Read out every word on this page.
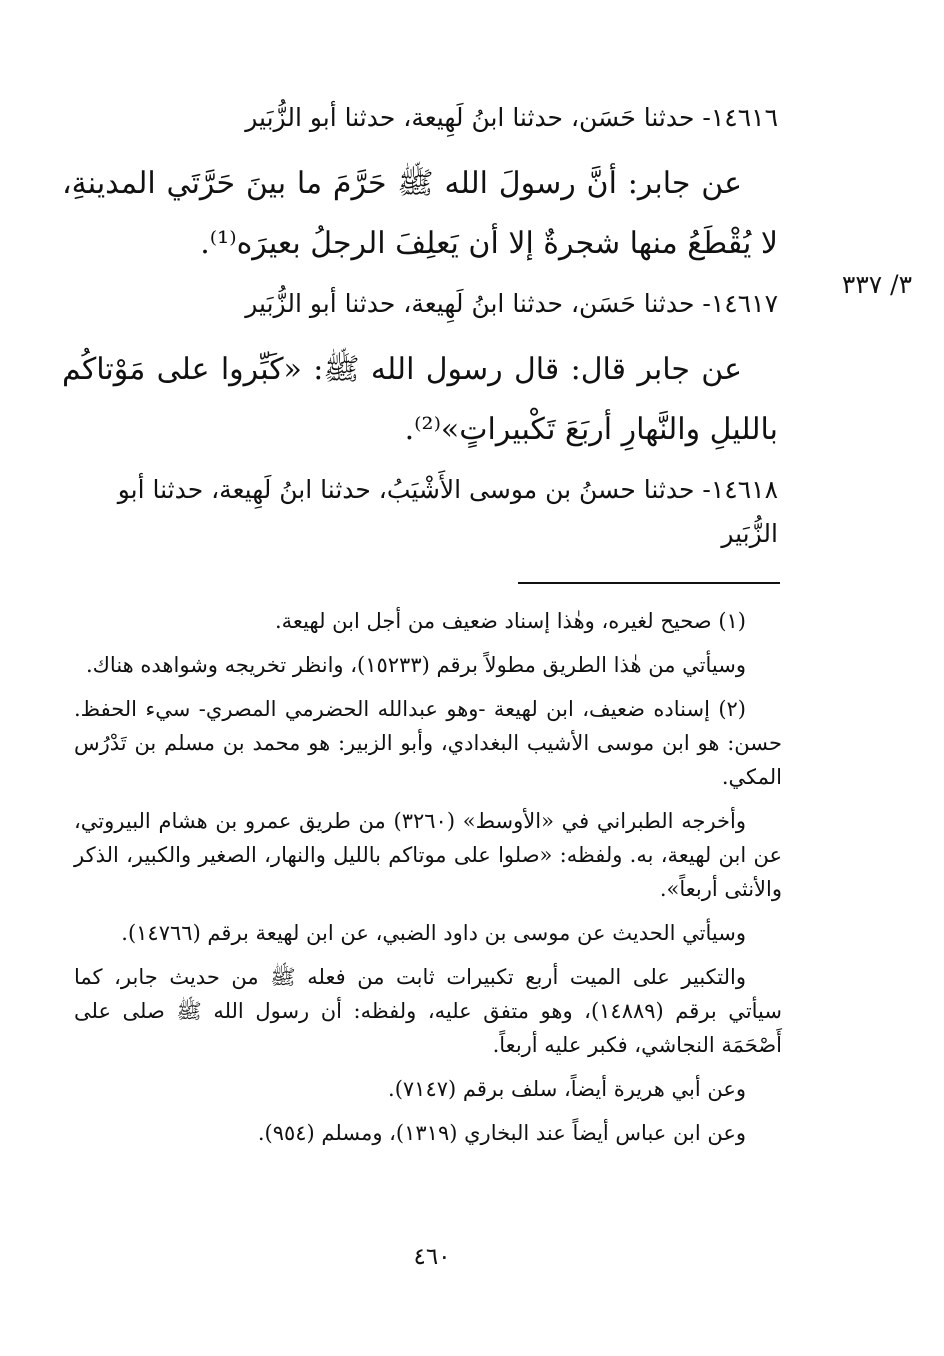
٣/ ٣٣٧

١٤٦١٦- حدثنا حَسَن، حدثنا ابنُ لَهِيعة، حدثنا أبو الزُّبَير

عن جابر: أنَّ رسولَ الله ﷺ حَرَّمَ ما بينَ حَرَّتَي المدينةِ، لا يُقْطَعُ منها شجرةٌ إلا أن يَعلِفَ الرجلُ بعيرَه⁽¹⁾.

١٤٦١٧- حدثنا حَسَن، حدثنا ابنُ لَهِيعة، حدثنا أبو الزُّبَير

عن جابر قال: قال رسول الله ﷺ: «كَبِّروا على مَوْتاكُم بالليلِ والنَّهارِ أربَعَ تَكْبيراتٍ»⁽²⁾.

١٤٦١٨- حدثنا حسنُ بن موسى الأَشْيَبُ، حدثنا ابنُ لَهِيعة، حدثنا أبو الزُّبَير

(١) صحيح لغيره، وهٰذا إسناد ضعيف من أجل ابن لهيعة.

وسيأتي من هٰذا الطريق مطولاً برقم (١٥٢٣٣)، وانظر تخريجه وشواهده هناك.

(٢) إسناده ضعيف، ابن لهيعة -وهو عبدالله الحضرمي المصري- سيء الحفظ. حسن: هو ابن موسى الأشيب البغدادي، وأبو الزبير: هو محمد بن مسلم بن تَدْرُس المكي.

وأخرجه الطبراني في «الأوسط» (٣٢٦٠) من طريق عمرو بن هشام البيروتي، عن ابن لهيعة، به. ولفظه: «صلوا على موتاكم بالليل والنهار، الصغير والكبير، الذكر والأنثى أربعاً».

وسيأتي الحديث عن موسى بن داود الضبي، عن ابن لهيعة برقم (١٤٧٦٦).

والتكبير على الميت أربع تكبيرات ثابت من فعله ﷺ من حديث جابر، كما سيأتي برقم (١٤٨٨٩)، وهو متفق عليه، ولفظه: أن رسول الله ﷺ صلى على أَصْحَمَة النجاشي، فكبر عليه أربعاً.

وعن أبي هريرة أيضاً، سلف برقم (٧١٤٧).

وعن ابن عباس أيضاً عند البخاري (١٣١٩)، ومسلم (٩٥٤).

٤٦٠
